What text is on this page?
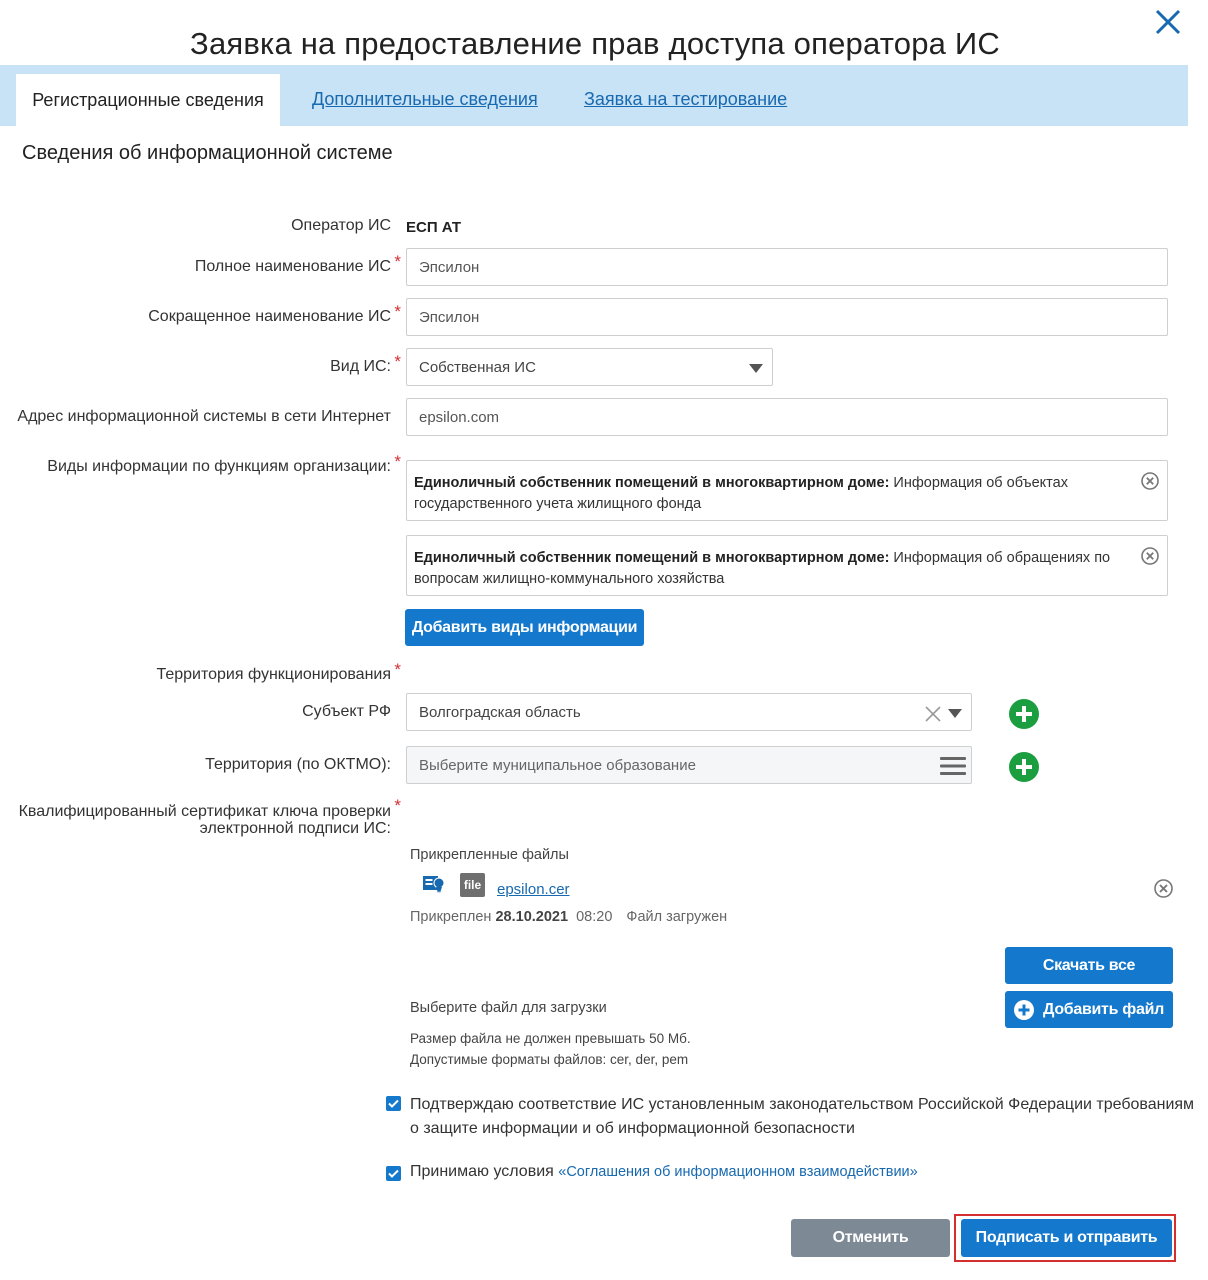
Заявка на предоставление прав доступа оператора ИС
Регистрационные сведения	Дополнительные сведения	Заявка на тестирование
Сведения об информационной системе
Оператор ИС ЕСП АТ
Полное наименование ИС *	Эпсилон
Сокращенное наименование ИС *	Эпсилон
Вид ИС: * Собственная ИС
Адрес информационной системы в сети Интернет	epsilon.com
Виды информации по функциям организации: *
Единоличный собственник помещений в многоквартирном доме: Информация об объектах государственного учета жилищного фонда
Единоличный собственник помещений в многоквартирном доме: Информация об обращениях по вопросам жилищно-коммунального хозяйства
Добавить виды информации
Территория функционирования *
Субъект РФ Волгоградская область
Территория (по ОКТМО): Выберите муниципальное образование
Квалифицированный сертификат ключа проверки
электронной подписи ИС:
*
Прикрепленные файлы
file epsilon.cer
Прикреплен 28.10.2021 08:20 Файл загружен
Скачать все
Добавить файл
Выберите файл для загрузки
Размер файла не должен превышать 50 Мб.
Допустимые форматы файлов: cer, der, pem
Подтверждаю соответствие ИС установленным законодательством Российской Федерации требованиям
о защите информации и об информационной безопасности
Принимаю условия «Соглашения об информационном взаимодействии»
Отменить	Подписать и отправить
